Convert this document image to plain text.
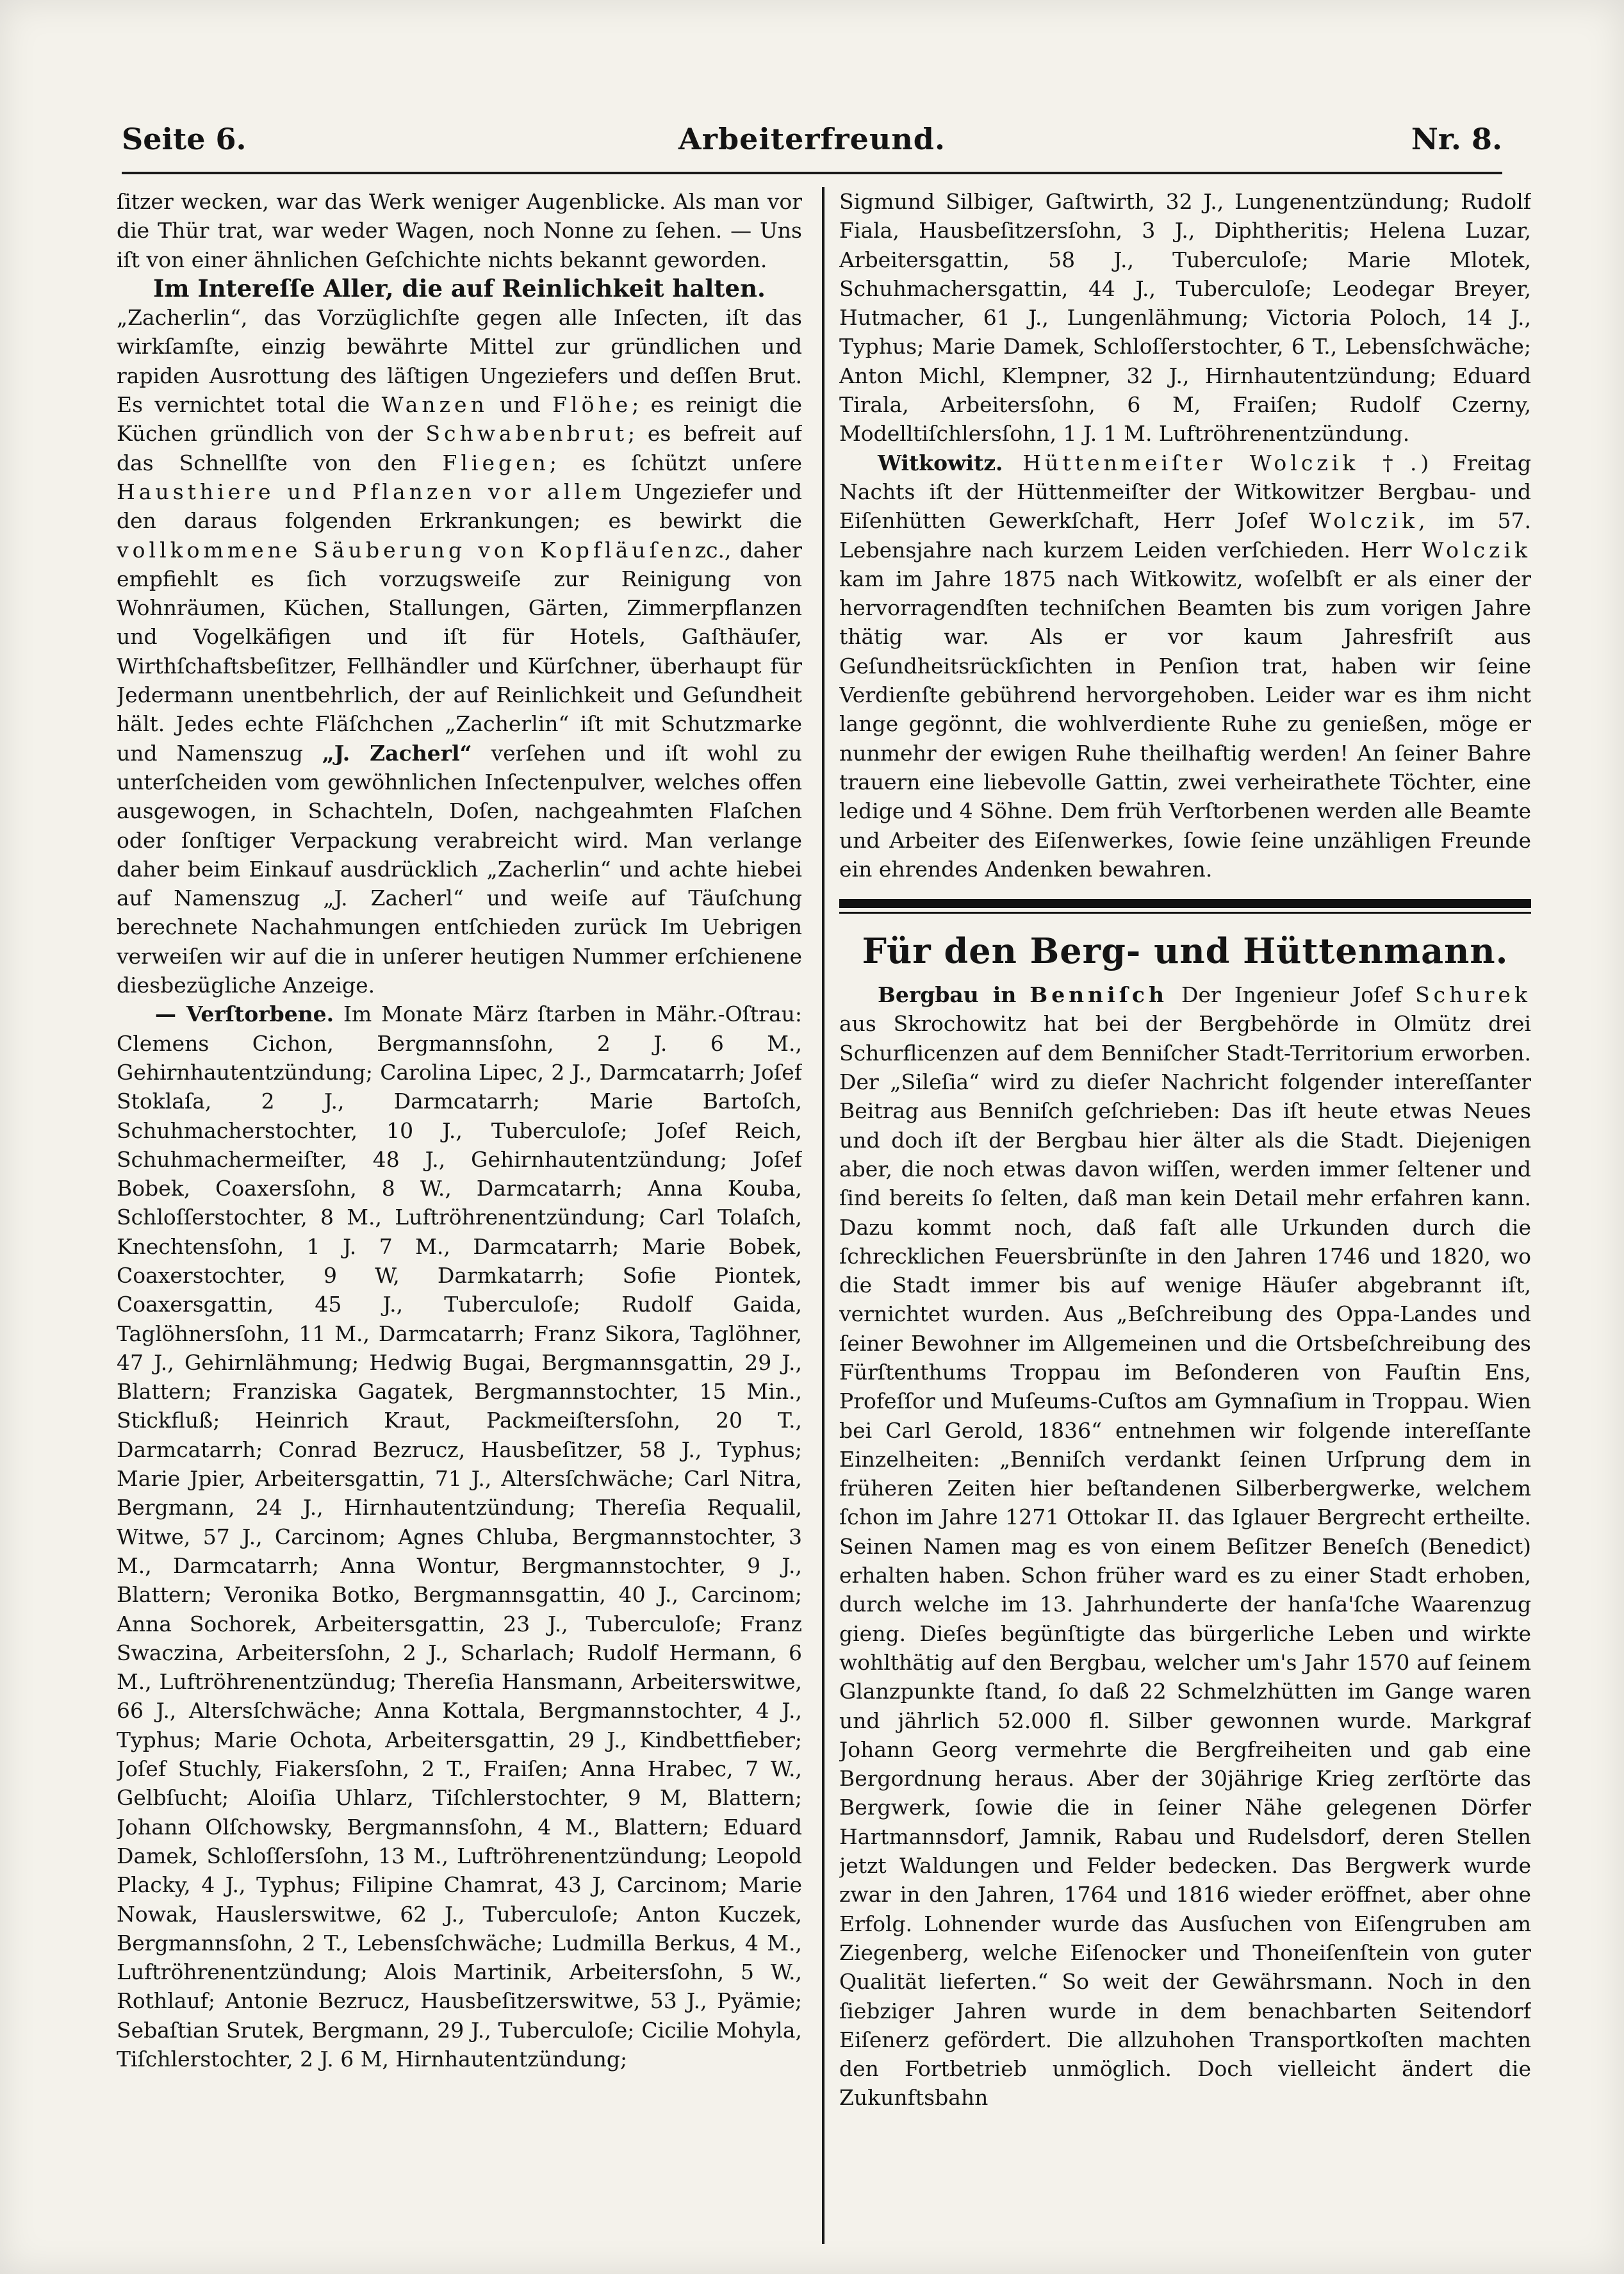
Seite 6.	Arbeiterfreund.	Nr. 8.

ſitzer wecken, war das Werk weniger Augenblicke. Als man vor die Thür trat, war weder Wagen, noch Nonne zu ſehen. — Uns iſt von einer ähnlichen Geſchichte nichts bekannt geworden.

Im Intereſſe Aller, die auf Reinlichkeit halten.

„Zacherlin“, das Vorzüglichſte gegen alle Inſecten, iſt das wirkſamſte, einzig bewährte Mittel zur gründlichen und rapiden Ausrottung des läſtigen Ungeziefers und deſſen Brut. Es vernichtet total die Wanzen und Flöhe; es reinigt die Küchen gründlich von der Schwabenbrut; es befreit auf das Schnellſte von den Fliegen; es ſchützt unſere Hausthiere und Pflanzen vor allem Ungeziefer und den daraus folgenden Erkrankungen; es bewirkt die vollkommene Säuberung von Kopfläuſenzc., daher empfiehlt es ſich vorzugsweiſe zur Reinigung von Wohnräumen, Küchen, Stallungen, Gärten, Zimmerpflanzen und Vogelkäfigen und iſt für Hotels, Gaſthäuſer, Wirthſchaftsbeſitzer, Fellhändler und Kürſchner, überhaupt für Jedermann unentbehrlich, der auf Reinlichkeit und Geſundheit hält. Jedes echte Fläſchchen „Zacherlin“ iſt mit Schutzmarke und Namenszug „J. Zacherl“ verſehen und iſt wohl zu unterſcheiden vom gewöhnlichen Inſectenpulver, welches offen ausgewogen, in Schachteln, Doſen, nachgeahmten Flaſchen oder ſonſtiger Verpackung verabreicht wird. Man verlange daher beim Einkauf ausdrücklich „Zacherlin“ und achte hiebei auf Namenszug „J. Zacherl“ und weiſe auf Täuſchung berechnete Nachahmungen entſchieden zurück Im Uebrigen verweiſen wir auf die in unſerer heutigen Nummer erſchienene diesbezügliche Anzeige.

— Verſtorbene. Im Monate März ſtarben in Mähr.-Oſtrau: Clemens Cichon, Bergmannsſohn, 2 J. 6 M., Gehirnhautentzündung; Carolina Lipec, 2 J., Darmcatarrh; Joſef Stoklaſa, 2 J., Darmcatarrh; Marie Bartoſch, Schuhmacherstochter, 10 J., Tuberculoſe; Joſef Reich, Schuhmachermeiſter, 48 J., Gehirnhautentzündung; Joſef Bobek, Coaxersſohn, 8 W., Darmcatarrh; Anna Kouba, Schloſſerstochter, 8 M., Luftröhrenentzündung; Carl Tolaſch, Knechtensſohn, 1 J. 7 M., Darmcatarrh; Marie Bobek, Coaxerstochter, 9 W, Darmkatarrh; Sofie Piontek, Coaxersgattin, 45 J., Tuberculoſe; Rudolf Gaida, Taglöhnersſohn, 11 M., Darmcatarrh; Franz Sikora, Taglöhner, 47 J., Gehirnlähmung; Hedwig Bugai, Bergmannsgattin, 29 J., Blattern; Franziska Gagatek, Bergmannstochter, 15 Min., Stickfluß; Heinrich Kraut, Packmeiſtersſohn, 20 T., Darmcatarrh; Conrad Bezrucz, Hausbeſitzer, 58 J., Typhus; Marie Jpier, Arbeitersgattin, 71 J., Altersſchwäche; Carl Nitra, Bergmann, 24 J., Hirnhautentzündung; Thereſia Requalil, Witwe, 57 J., Carcinom; Agnes Chluba, Bergmannstochter, 3 M., Darmcatarrh; Anna Wontur, Bergmannstochter, 9 J., Blattern; Veronika Botko, Bergmannsgattin, 40 J., Carcinom; Anna Sochorek, Arbeitersgattin, 23 J., Tuberculoſe; Franz Swaczina, Arbeitersſohn, 2 J., Scharlach; Rudolf Hermann, 6 M., Luftröhrenentzündug; Thereſia Hansmann, Arbeiterswitwe, 66 J., Altersſchwäche; Anna Kottala, Bergmannstochter, 4 J., Typhus; Marie Ochota, Arbeitersgattin, 29 J., Kindbettfieber; Joſef Stuchly, Fiakersſohn, 2 T., Fraiſen; Anna Hrabec, 7 W., Gelbſucht; Aloiſia Uhlarz, Tiſchlerstochter, 9 M, Blattern; Johann Olſchowsky, Bergmannsſohn, 4 M., Blattern; Eduard Damek, Schloſſersſohn, 13 M., Luftröhrenentzündung; Leopold Placky, 4 J., Typhus; Filipine Chamrat, 43 J, Carcinom; Marie Nowak, Hauslerswitwe, 62 J., Tuberculoſe; Anton Kuczek, Bergmannsſohn, 2 T., Lebensſchwäche; Ludmilla Berkus, 4 M., Luftröhrenentzündung; Alois Martinik, Arbeitersſohn, 5 W., Rothlauf; Antonie Bezrucz, Hausbeſitzerswitwe, 53 J., Pyämie; Sebaſtian Srutek, Bergmann, 29 J., Tuberculoſe; Cicilie Mohyla, Tiſchlerstochter, 2 J. 6 M, Hirnhautentzündung;

Sigmund Silbiger, Gaſtwirth, 32 J., Lungenentzündung; Rudolf Fiala, Hausbeſitzersſohn, 3 J., Diphtheritis; Helena Luzar, Arbeitersgattin, 58 J., Tuberculoſe; Marie Mlotek, Schuhmachersgattin, 44 J., Tuberculoſe; Leodegar Breyer, Hutmacher, 61 J., Lungenlähmung; Victoria Poloch, 14 J., Typhus; Marie Damek, Schloſſerstochter, 6 T., Lebensſchwäche; Anton Michl, Klempner, 32 J., Hirnhautentzündung; Eduard Tirala, Arbeitersſohn, 6 M, Fraiſen; Rudolf Czerny, Modelltiſchlersſohn, 1 J. 1 M. Luftröhrenentzündung.

Witkowitz. Hüttenmeiſter Wolczik †.) Freitag Nachts iſt der Hüttenmeiſter der Witkowitzer Bergbau- und Eiſenhütten Gewerkſchaft, Herr Joſef Wolczik, im 57. Lebensjahre nach kurzem Leiden verſchieden. Herr Wolczik kam im Jahre 1875 nach Witkowitz, woſelbſt er als einer der hervorragendſten techniſchen Beamten bis zum vorigen Jahre thätig war. Als er vor kaum Jahresfriſt aus Geſundheitsrückſichten in Penſion trat, haben wir ſeine Verdienſte gebührend hervorgehoben. Leider war es ihm nicht lange gegönnt, die wohlverdiente Ruhe zu genießen, möge er nunmehr der ewigen Ruhe theilhaftig werden! An ſeiner Bahre trauern eine liebevolle Gattin, zwei verheirathete Töchter, eine ledige und 4 Söhne. Dem früh Verſtorbenen werden alle Beamte und Arbeiter des Eiſenwerkes, ſowie ſeine unzähligen Freunde ein ehrendes Andenken bewahren.

Für den Berg- und Hüttenmann.

Bergbau in Benniſch Der Ingenieur Joſef Schurek aus Skrochowitz hat bei der Bergbehörde in Olmütz drei Schurflicenzen auf dem Benniſcher Stadt-Territorium erworben. Der „Sileſia“ wird zu dieſer Nachricht folgender intereſſanter Beitrag aus Benniſch geſchrieben: Das iſt heute etwas Neues und doch iſt der Bergbau hier älter als die Stadt. Diejenigen aber, die noch etwas davon wiſſen, werden immer ſeltener und ſind bereits ſo ſelten, daß man kein Detail mehr erfahren kann. Dazu kommt noch, daß faſt alle Urkunden durch die ſchrecklichen Feuersbrünſte in den Jahren 1746 und 1820, wo die Stadt immer bis auf wenige Häuſer abgebrannt iſt, vernichtet wurden. Aus „Beſchreibung des Oppa-Landes und ſeiner Bewohner im Allgemeinen und die Ortsbeſchreibung des Fürſtenthums Troppau im Beſonderen von Fauſtin Ens, Profeſſor und Muſeums-Cuſtos am Gymnaſium in Troppau. Wien bei Carl Gerold, 1836“ entnehmen wir folgende intereſſante Einzelheiten: „Benniſch verdankt ſeinen Urſprung dem in früheren Zeiten hier beſtandenen Silberbergwerke, welchem ſchon im Jahre 1271 Ottokar II. das Iglauer Bergrecht ertheilte. Seinen Namen mag es von einem Beſitzer Beneſch (Benedict) erhalten haben. Schon früher ward es zu einer Stadt erhoben, durch welche im 13. Jahrhunderte der hanſa'ſche Waarenzug gieng. Dieſes begünſtigte das bürgerliche Leben und wirkte wohlthätig auf den Bergbau, welcher um's Jahr 1570 auf ſeinem Glanzpunkte ſtand, ſo daß 22 Schmelzhütten im Gange waren und jährlich 52.000 fl. Silber gewonnen wurde. Markgraf Johann Georg vermehrte die Bergfreiheiten und gab eine Bergordnung heraus. Aber der 30jährige Krieg zerſtörte das Bergwerk, ſowie die in ſeiner Nähe gelegenen Dörfer Hartmannsdorf, Jamnik, Rabau und Rudelsdorf, deren Stellen jetzt Waldungen und Felder bedecken. Das Bergwerk wurde zwar in den Jahren, 1764 und 1816 wieder eröffnet, aber ohne Erfolg. Lohnender wurde das Ausſuchen von Eiſengruben am Ziegenberg, welche Eiſenocker und Thoneiſenſtein von guter Qualität lieferten.“ So weit der Gewährsmann. Noch in den ſiebziger Jahren wurde in dem benachbarten Seitendorf Eiſenerz gefördert. Die allzuhohen Transportkoſten machten den Fortbetrieb unmöglich. Doch vielleicht ändert die Zukunftsbahn
